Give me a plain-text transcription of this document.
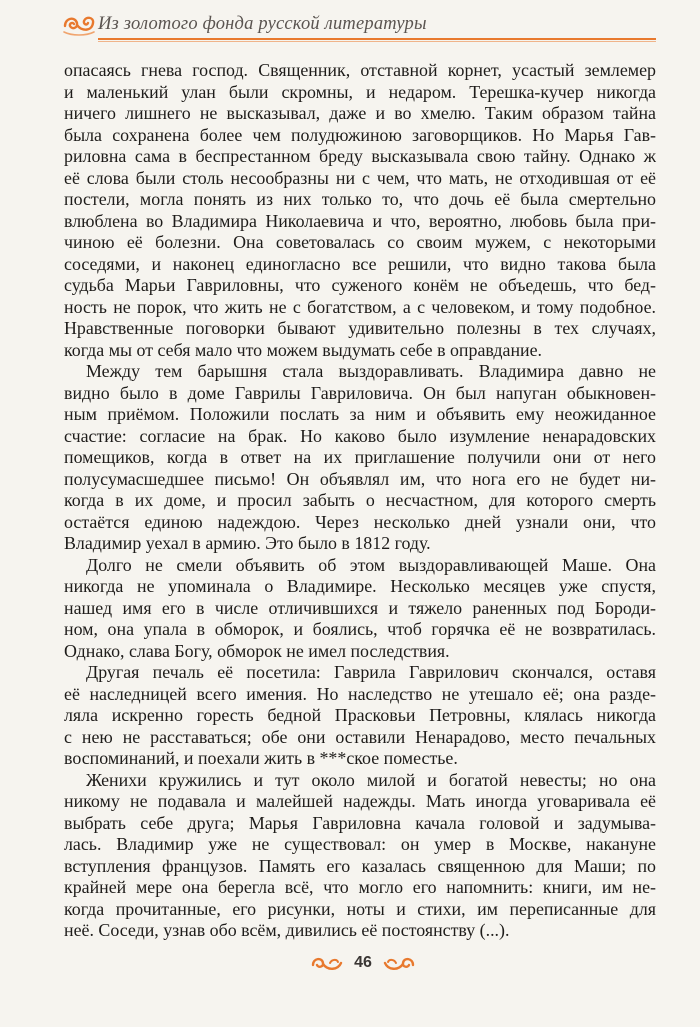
Из золотого фонда русской литературы

опасаясь гнева господ. Священник, отставной корнет, усастый землемер
и маленький улан были скромны, и недаром. Терешка-кучер никогда
ничего лишнего не высказывал, даже и во хмелю. Таким образом тайна
была сохранена более чем полудюжиною заговорщиков. Но Марья Гав-
риловна сама в беспрестанном бреду высказывала свою тайну. Однако ж
её слова были столь несообразны ни с чем, что мать, не отходившая от её
постели, могла понять из них только то, что дочь её была смертельно
влюблена во Владимира Николаевича и что, вероятно, любовь была при-
чиною её болезни. Она советовалась со своим мужем, с некоторыми
соседями, и наконец единогласно все решили, что видно такова была
судьба Марьи Гавриловны, что суженого конём не объедешь, что бед-
ность не порок, что жить не с богатством, а с человеком, и тому подобное.
Нравственные поговорки бывают удивительно полезны в тех случаях,
когда мы от себя мало что можем выдумать себе в оправдание.

Между тем барышня стала выздоравливать. Владимира давно не
видно было в доме Гаврилы Гавриловича. Он был напуган обыкновен-
ным приёмом. Положили послать за ним и объявить ему неожиданное
счастие: согласие на брак. Но каково было изумление ненарадовских
помещиков, когда в ответ на их приглашение получили они от него
полусумасшедшее письмо! Он объявлял им, что нога его не будет ни-
когда в их доме, и просил забыть о несчастном, для которого смерть
остаётся единою надеждою. Через несколько дней узнали они, что
Владимир уехал в армию. Это было в 1812 году.

Долго не смели объявить об этом выздоравливающей Маше. Она
никогда не упоминала о Владимире. Несколько месяцев уже спустя,
нашед имя его в числе отличившихся и тяжело раненных под Бороди-
ном, она упала в обморок, и боялись, чтоб горячка её не возвратилась.
Однако, слава Богу, обморок не имел последствия.

Другая печаль её посетила: Гаврила Гаврилович скончался, оставя
её наследницей всего имения. Но наследство не утешало её; она разде-
ляла искренно горесть бедной Прасковьи Петровны, клялась никогда
с нею не расставаться; обе они оставили Ненарадово, место печальных
воспоминаний, и поехали жить в ***ское поместье.

Женихи кружились и тут около милой и богатой невесты; но она
никому не подавала и малейшей надежды. Мать иногда уговаривала её
выбрать себе друга; Марья Гавриловна качала головой и задумыва-
лась. Владимир уже не существовал: он умер в Москве, накануне
вступления французов. Память его казалась священною для Маши; по
крайней мере она берегла всё, что могло его напомнить: книги, им не-
когда прочитанные, его рисунки, ноты и стихи, им переписанные для
неё. Соседи, узнав обо всём, дивились её постоянству (...).

46
